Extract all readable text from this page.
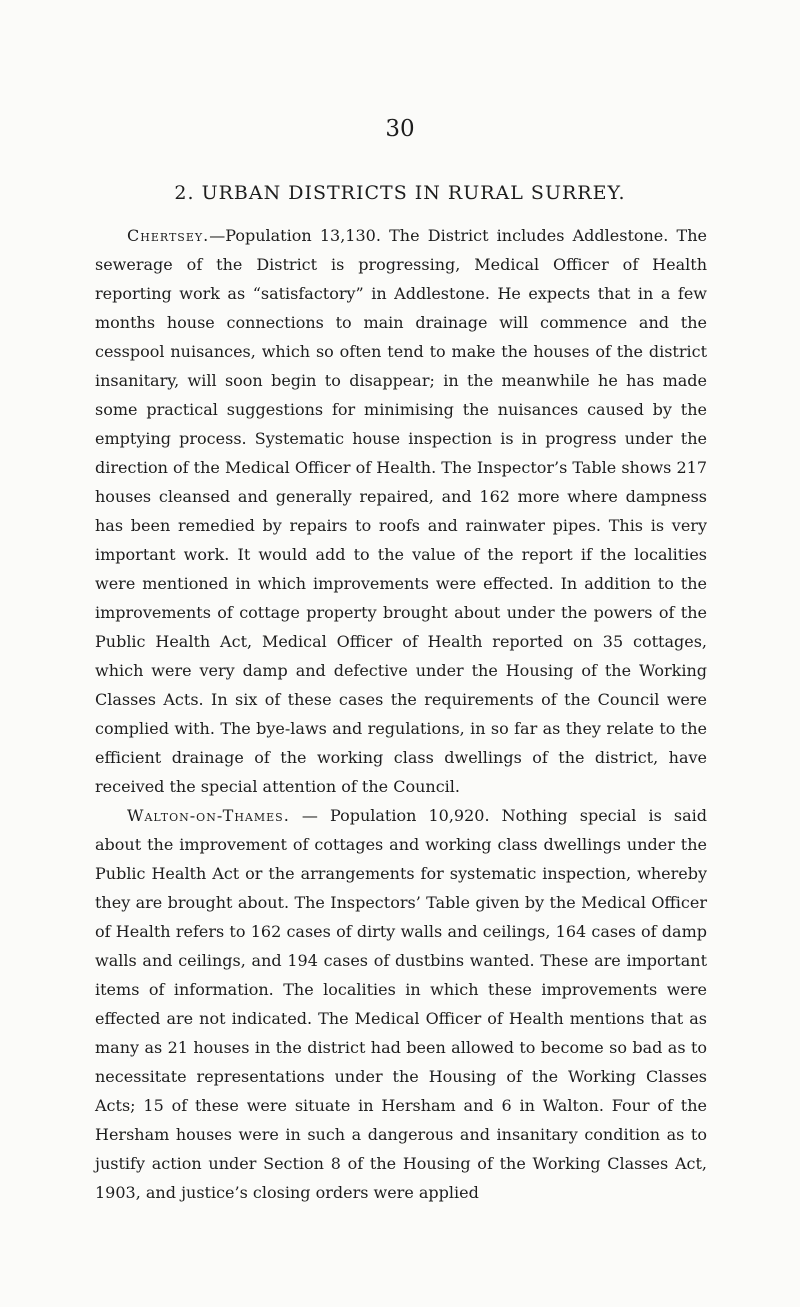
30
2. URBAN DISTRICTS IN RURAL SURREY.

Chertsey.—Population 13,130. The District includes Addlestone. The sewerage of the District is progressing, Medical Officer of Health reporting work as “satisfactory” in Addlestone. He expects that in a few months house connections to main drainage will commence and the cesspool nuisances, which so often tend to make the houses of the district insanitary, will soon begin to disappear; in the meanwhile he has made some practical suggestions for minimising the nuisances caused by the emptying process. Systematic house inspection is in progress under the direction of the Medical Officer of Health. The Inspector’s Table shows 217 houses cleansed and generally repaired, and 162 more where dampness has been remedied by repairs to roofs and rainwater pipes. This is very important work. It would add to the value of the report if the localities were mentioned in which improvements were effected. In addition to the improvements of cottage property brought about under the powers of the Public Health Act, Medical Officer of Health reported on 35 cottages, which were very damp and defective under the Housing of the Working Classes Acts. In six of these cases the requirements of the Council were complied with. The bye-laws and regulations, in so far as they relate to the efficient drainage of the working class dwellings of the district, have received the special attention of the Council.

Walton-on-Thames. — Population 10,920. Nothing special is said about the improvement of cottages and working class dwellings under the Public Health Act or the arrangements for systematic inspection, whereby they are brought about. The Inspectors’ Table given by the Medical Officer of Health refers to 162 cases of dirty walls and ceilings, 164 cases of damp walls and ceilings, and 194 cases of dustbins wanted. These are important items of information. The localities in which these improvements were effected are not indicated. The Medical Officer of Health mentions that as many as 21 houses in the district had been allowed to become so bad as to necessitate representations under the Housing of the Working Classes Acts; 15 of these were situate in Hersham and 6 in Walton. Four of the Hersham houses were in such a dangerous and insanitary condition as to justify action under Section 8 of the Housing of the Working Classes Act, 1903, and justice’s closing orders were applied
